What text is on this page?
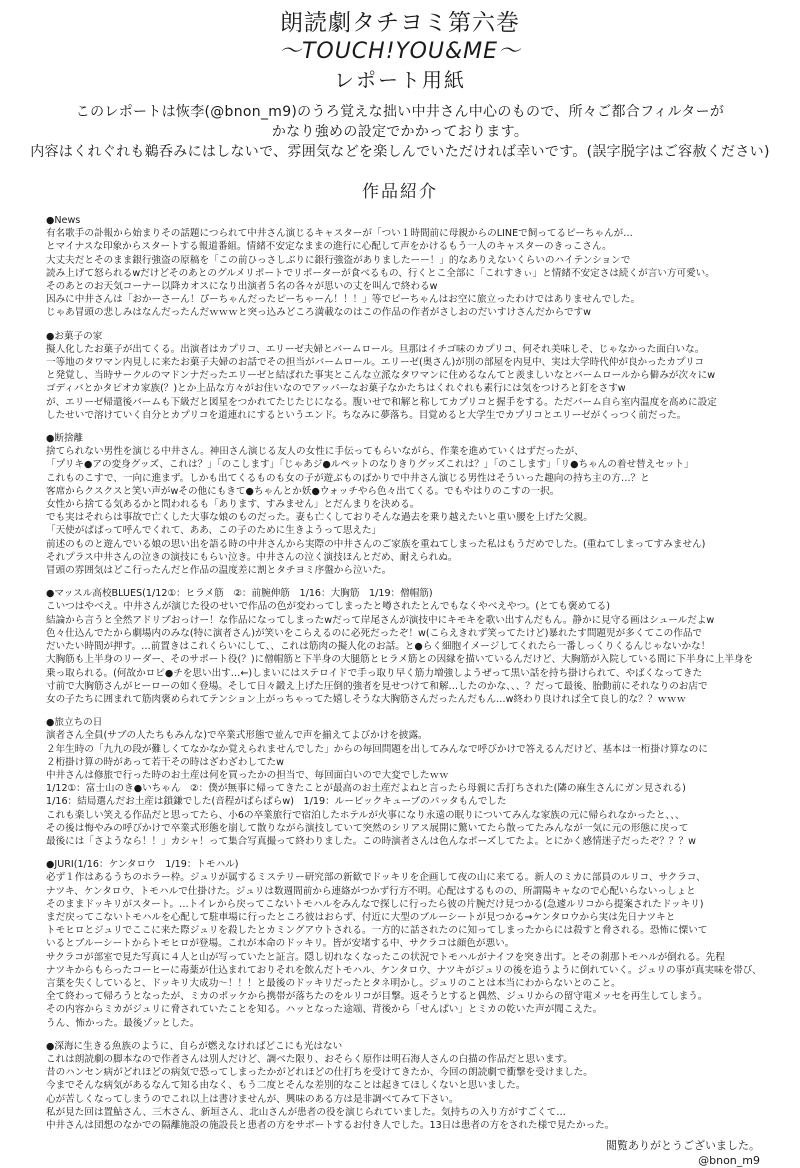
朗読劇タチヨミ第六巻
〜TOUCH!YOU&ME〜
レポート用紙
このレポートは恢李(@bnon_m9)のうろ覚えな拙い中井さん中心のもので、所々ご都合フィルターが
かなり強めの設定でかかっております。
内容はくれぐれも鵜呑みにはしないで、雰囲気などを楽しんでいただければ幸いです。(誤字脱字はご容赦ください)
作品紹介
●News
有名歌手の訃報から始まりその話題につられて中井さん演じるキャスターが「つい１時間前に母親からのLINEで飼ってるピーちゃんが…
とマイナスな印象からスタートする報道番組。情緒不安定なままの進行に心配して声をかけるもう一人のキャスターのきっこさん。
大丈夫だとそのまま銀行強盗の原稿を「この前ひっさしぶりに銀行強盗がありましたーー！」的なありえないくらいのハイテンションで
読み上げて怒られるwだけどそのあとのグルメリポートでリポーターが食べるもの、行くとこ全部に「これすきぃ」と情緒不安定さは続くが言い方可愛い。
そのあとのお天気コーナー以降カオスになり出演者５名の各々が思いの丈を叫んで終わるw
因みに中井さんは「おかーさーん！ぴーちゃんだったピーちゃーん！！！」等でピーちゃんはお空に旅立ったわけではありませんでした。
じゃあ冒頭の悲しみはなんだったんだｗｗｗと突っ込みどころ満載なのはこの作品の作者がさしおのだいすけさんだからですw
●お菓子の家
擬人化したお菓子が出てくる。出演者はカプリコ、エリーゼ夫婦とバームロール。旦那はイチゴ味のカプリコ、何それ美味しそ、じゃなかった面白いな。
一等地のタワマン内見しに来たお菓子夫婦のお話でその担当がバームロール。エリーゼ(奥さん)が別の部屋を内見中、実は大学時代仲が良かったカプリコ
と発覚し、当時サークルのマドンナだったエリーゼと結ばれた事実とこんな立派なタワマンに住めるなんてと羨ましいなとバームロールから僻みが次々にw
ゴディバとかタピオカ家族(？)とか上品な方々がお住いなのでアッパーなお菓子なかたちはくれぐれも素行には気をつけろと釘をさすw
が、エリーゼ帰還後バームも下級だと図星をつかれてたじたじになる。腹いせで和解と称してカプリコと握手をする。ただバーム自ら室内温度を高めに設定
したせいで溶けていく自分とカプリコを道連れにするというエンド。ちなみに夢落ち。目覚めると大学生でカプリコとエリーゼがくっつく前だった。
●断捨離
捨てられない男性を演じる中井さん。神田さん演じる友人の女性に手伝ってもらいながら、作業を進めていくはずだったが、
「プリキ●アの変身グッズ、これは？」「のこします」「じゃあジ●ルペットのなりきりグッズこれは？」「のこします」「リ●ちゃんの着せ替えセット」
これものこすで、一向に進まず。しかも出てくるものも女の子が遊ぶものばかりで中井さん演じる男性はそういった趣向の持ち主の方…？と
客席からクスクスと笑い声がwその他にもきて●ちゃんとか妖●ウォッチやら色々出てくる。でもやはりのこすの一択。
女性から捨てる気あるかと問われるも「あります、すみません」とだんまりを決める。
でも実はそれらは事故で亡くした大事な娘のものだった。妻も亡くしておりそんな過去を乗り越えたいと重い腰を上げた父親。
「天使がぱぱって呼んでくれて、ああ、この子のために生きようって思えた」
前述のものと遊んでいる娘の思い出を語る時の中井さんから実際の中井さんのご家族を重ねてしまった私はもうだめでした。(重ねてしまってすみません)
それプラス中井さんの泣きの演技にもらい泣き。中井さんの泣く演技ほんとだめ、耐えられぬ。
冒頭の雰囲気はどこ行ったんだと作品の温度差に割とタチヨミ序盤から泣いた。
●マッスル高校BLUES(1/12①：ヒラメ筋　②：前腕伸筋　1/16：大胸筋　1/19：僧帽筋)
こいつはやべえ。中井さんが演じた役のせいで作品の色が変わってしまったと噂されたとんでもなくやべえやつ。(とても褒めてる)
結論から言うと全然アドリブおっけー！な作品になってしまったwだって岸尾さんが演技中にキモキを歌い出すんだもん。静かに見守る画はシュールだよw
色々仕込んでたから劇場内のみな(特に演者さん)が笑いをこらえるのに必死だったぞ！w(こらえきれず笑ってたけど)暴れたす問題児が多くてこの作品で
だいたい時間が押す。…前置きはこれくらいにして、、これは筋肉の擬人化のお話。と●らく細胞イメージしてくれたら一番しっくりくるんじゃないかな！
大胸筋も上半身のリーダー、そのサポート役(？)に僧帽筋と下半身の大腿筋とヒラメ筋との因縁を描いているんだけど、大胸筋が入院している間に下半身に上半身を
乗っ取られる。(何故かロピ●チを思い出す…←)しまいにはステロイドで手っ取り早く筋力増強しようぜって黒い話を持ち掛けられて、やばくなってきた
寸前で大胸筋さんがヒーローの如く登場。そして日々鍛え上げた圧倒的強者を見せつけて和解…したのかな、、、？だって最後、胎動前にそれなりのお店で
女の子たちに囲まれて筋肉褒められてテンション上がっちゃってた嬉しそうな大胸筋さんだったんだもん…w終わり良ければ全て良し的な？？ｗｗｗ
●旅立ちの日
演者さん全員(サブの人たちもみんな)で卒業式形態で並んで声を揃えてよびかけを披露。
２年生時の「九九の段が難しくてなかなか覚えられませんでした」からの毎回問題を出してみんなで呼びかけで答えるんだけど、基本は一桁掛け算なのに
２桁掛け算の時があって若干その時はざわざわしてたw
中井さんは修旅で行った時のお土産は何を買ったかの担当で、毎回面白いので大変でしたｗｗ
1/12①：富士山のき●いちゃん　②：僕が無事に帰ってきたことが最高のお土産だよねと言ったら母親に舌打ちされた(隣の麻生さんにガン見される)
1/16：結局選んだお土産は鎖鎌でした(音程がぱらぱらw)　1/19：ルービックキューブのパッタもんでした
これも楽しい笑える作品だと思ってたら、小6の卒業旅行で宿泊したホテルが火事になり永遠の眠りについてみんな家族の元に帰られなかったと、、、
その後は悔やみの呼びかけで卒業式形態を崩して散りながら演技していて突然のシリアス展開に驚いてたら散ってたみんなが一気に元の形態に戻って
最後には「さようなら！！」カシャ！って集合写真撮って終わりました。この時演者さんは色んなポーズしてたよ。とにかく感情迷子だったぞ？？？w
●JURI(1/16：ケンタロウ　1/19：トモハル)
必ず１作はあるうちのホラー枠。ジュリが属するミステリー研究部の新歓でドッキリを企画して夜の山に来てる。新人のミカに部員のルリコ、サクラコ、
ナツキ、ケンタロウ、トモハルで仕掛けた。ジュリは数週間前から連絡がつかず行方不明。心配はするものの、所謂陽キャなので心配いらないっしょと
そのままドッキリがスタート。…トイレから戻ってこないトモハルをみんなで探しに行ったら彼の片腕だけ見つかる(急遽ルリコから提案されたドッキリ)
まだ戻ってこないトモハルを心配して駐車場に行ったところ彼はおらず、付近に大型のブルーシートが見つかる→ケンタロウから実は先日ナツキと
トモヒロとジュリでここに来た際ジュリを殺したとカミングアウトされる。一方的に話されたのに知ってしまったからには殺すと脅される。恐怖に慄いて
いるとブルーシートからトモヒロが登場。これが本命のドッキリ。皆が安堵する中、サクラコは顔色が悪い。
サクラコが部室で見た写真に４人と山が写っていたと証言。隠し切れなくなったこの状況でトモハルがナイフを突き出す。とその刹那トモハルが倒れる。先程
ナツキからもらったコーヒーに毒薬が仕込まれておりそれを飲んだトモハル、ケンタロウ、ナツキがジュリの後を追うように倒れていく。ジュリの事が真実味を帯び、
言葉を失くしていると、ドッキリ大成功～！！！と最後のドッキリだったとタネ明かし。ジュリのことは本当にわからないとのこと。
全て終わって帰ろうとなったが、ミカのポッケから携帯が落ちたのをルリコが目撃。返そうとすると偶然、ジュリからの留守電メッセを再生してしまう。
その内容からミカがジュリに脅されていたことを知る。ハッとなった途端、背後から「せんぱい」とミカの乾いた声が聞こえた。
うん、怖かった。最後ゾッとした。
●深海に生きる魚族のように、自らが燃えなければどこにも光はない
これは朗読劇の脚本なので作者さんは別人だけど、調べた限り、おそらく原作は明石海人さんの白描の作品だと思います。
昔のハンセン病がどれほどの病気で恐ってしまったかがどれほどの仕打ちを受けてきたか、今回の朗読劇で衝撃を受けました。
今までそんな病気があるなんて知る由なく、もう二度とそんな差別的なことは起きてほしくないと思いました。
心が苦しくなってしまうのでこれ以上は書けませんが、興味のある方は是非調べてみて下さい。
私が見た回は置鮎さん、三木さん、新垣さん、北山さんが患者の役を演じられていました。気持ちの入り方がすごくて…
中井さんは団想のなかでの隔離施設の施設長と患者の方をサポートするお付き人でした。13日は患者の方をされた様で見たかった。
閲覧ありがとうございました。
@bnon_m9
